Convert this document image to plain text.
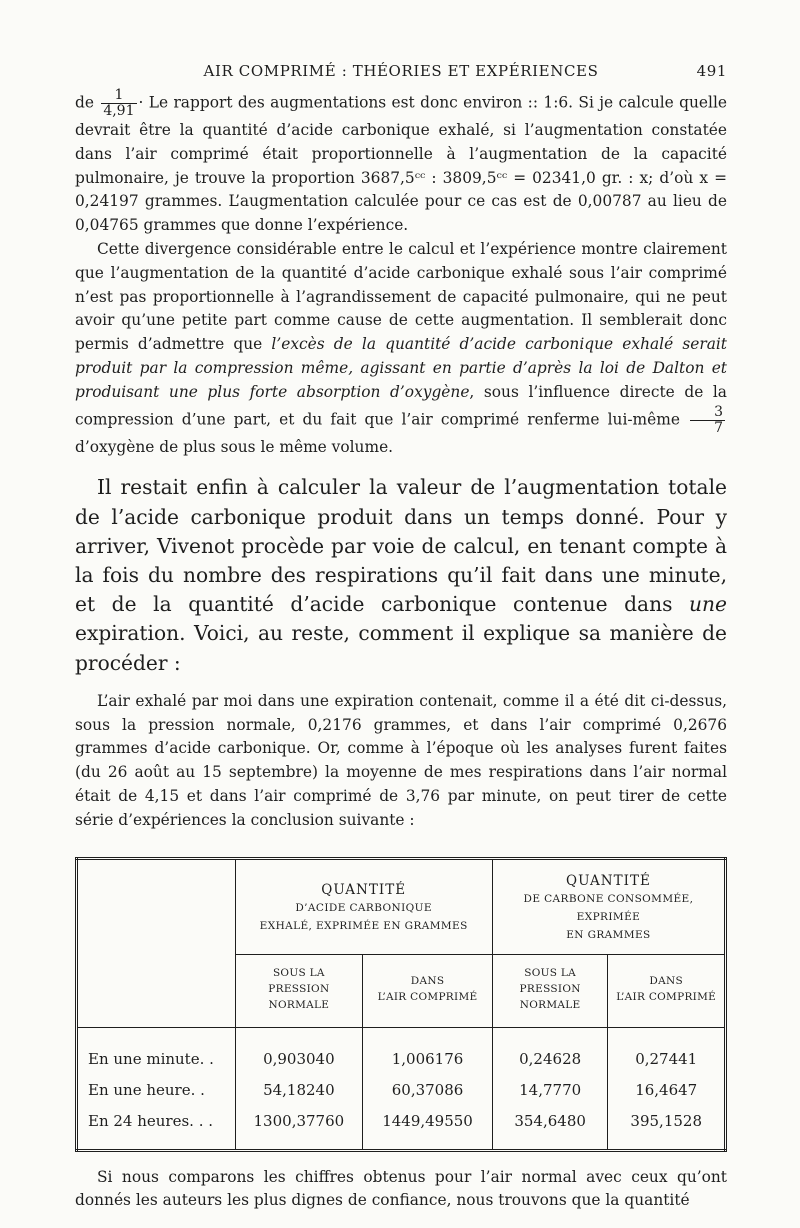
AIR COMPRIMÉ : THÉORIES ET EXPÉRIENCES	491

de $\frac{1}{4,91} \cdot Le$ rapport des augmentations est donc environ :: 1:6. Si je calcule quelle devrait être la quantité d’acide carbonique exhalé, si l’augmentation constatée dans l’air comprimé était proportionnelle à l’augmentation de la capacité pulmonaire, je trouve la proportion 3687,5ᶜᶜ : 3809,5ᶜᶜ = 02341,0 gr. : x; d’où x = 0,24197 grammes. L’augmentation calculée pour ce cas est de 0,00787 au lieu de 0,04765 grammes que donne l’expérience.

Cette divergence considérable entre le calcul et l’expérience montre clairement que l’augmentation de la quantité d’acide carbonique exhalé sous l’air comprimé n’est pas proportionnelle à l’agrandissement de capacité pulmonaire, qui ne peut avoir qu’une petite part comme cause de cette augmentation. Il semblerait donc permis d’admettre que l’excès de la quantité d’acide carbonique exhalé serait produit par la compression même, agissant en partie d’après la loi de Dalton et produisant une plus forte absorption d’oxygène, sous l’influence directe de la compression d’une part, et du fait que l’air comprimé renferme lui-même $\frac{3}{7}$
d’oxygène de plus sous le même volume.

Il restait enfin à calculer la valeur de l’augmentation totale de l’acide carbonique produit dans un temps donné. Pour y arriver, Vivenot procède par voie de calcul, en tenant compte à la fois du nombre des respirations qu’il fait dans une minute, et de la quantité d’acide carbonique contenue dans une expiration. Voici, au reste, comment il explique sa manière de procéder :

L’air exhalé par moi dans une expiration contenait, comme il a été dit ci-dessus, sous la pression normale, 0,2176 grammes, et dans l’air comprimé 0,2676 grammes d’acide carbonique. Or, comme à l’époque où les analyses furent faites (du 26 août au 15 septembre) la moyenne de mes respirations dans l’air normal était de 4,15 et dans l’air comprimé de 3,76 par minute, on peut tirer de cette série d’expériences la conclusion suivante :

	QUANTITÉ
D’ACIDE CARBONIQUE
EXHALÉ, EXPRIMÉE EN GRAMMES		QUANTITÉ
DE CARBONE CONSOMMÉE, EXPRIMÉE
EN GRAMMES	

	SOUS LA
PRESSION NORMALE	DANS
L’AIR COMPRIMÉ	SOUS LA PRESSION
NORMALE	DANS
L’AIR COMPRIMÉ
En une minute. .	0,903040	1,006176	0,24628	0,27441
En une heure. .	54,18240	60,37086	14,7770	16,4647
En 24 heures. . .	1300,37760	1449,49550	354,6480	395,1528

Si nous comparons les chiffres obtenus pour l’air normal avec ceux qu’ont donnés les auteurs les plus dignes de confiance, nous trouvons que la quantité
